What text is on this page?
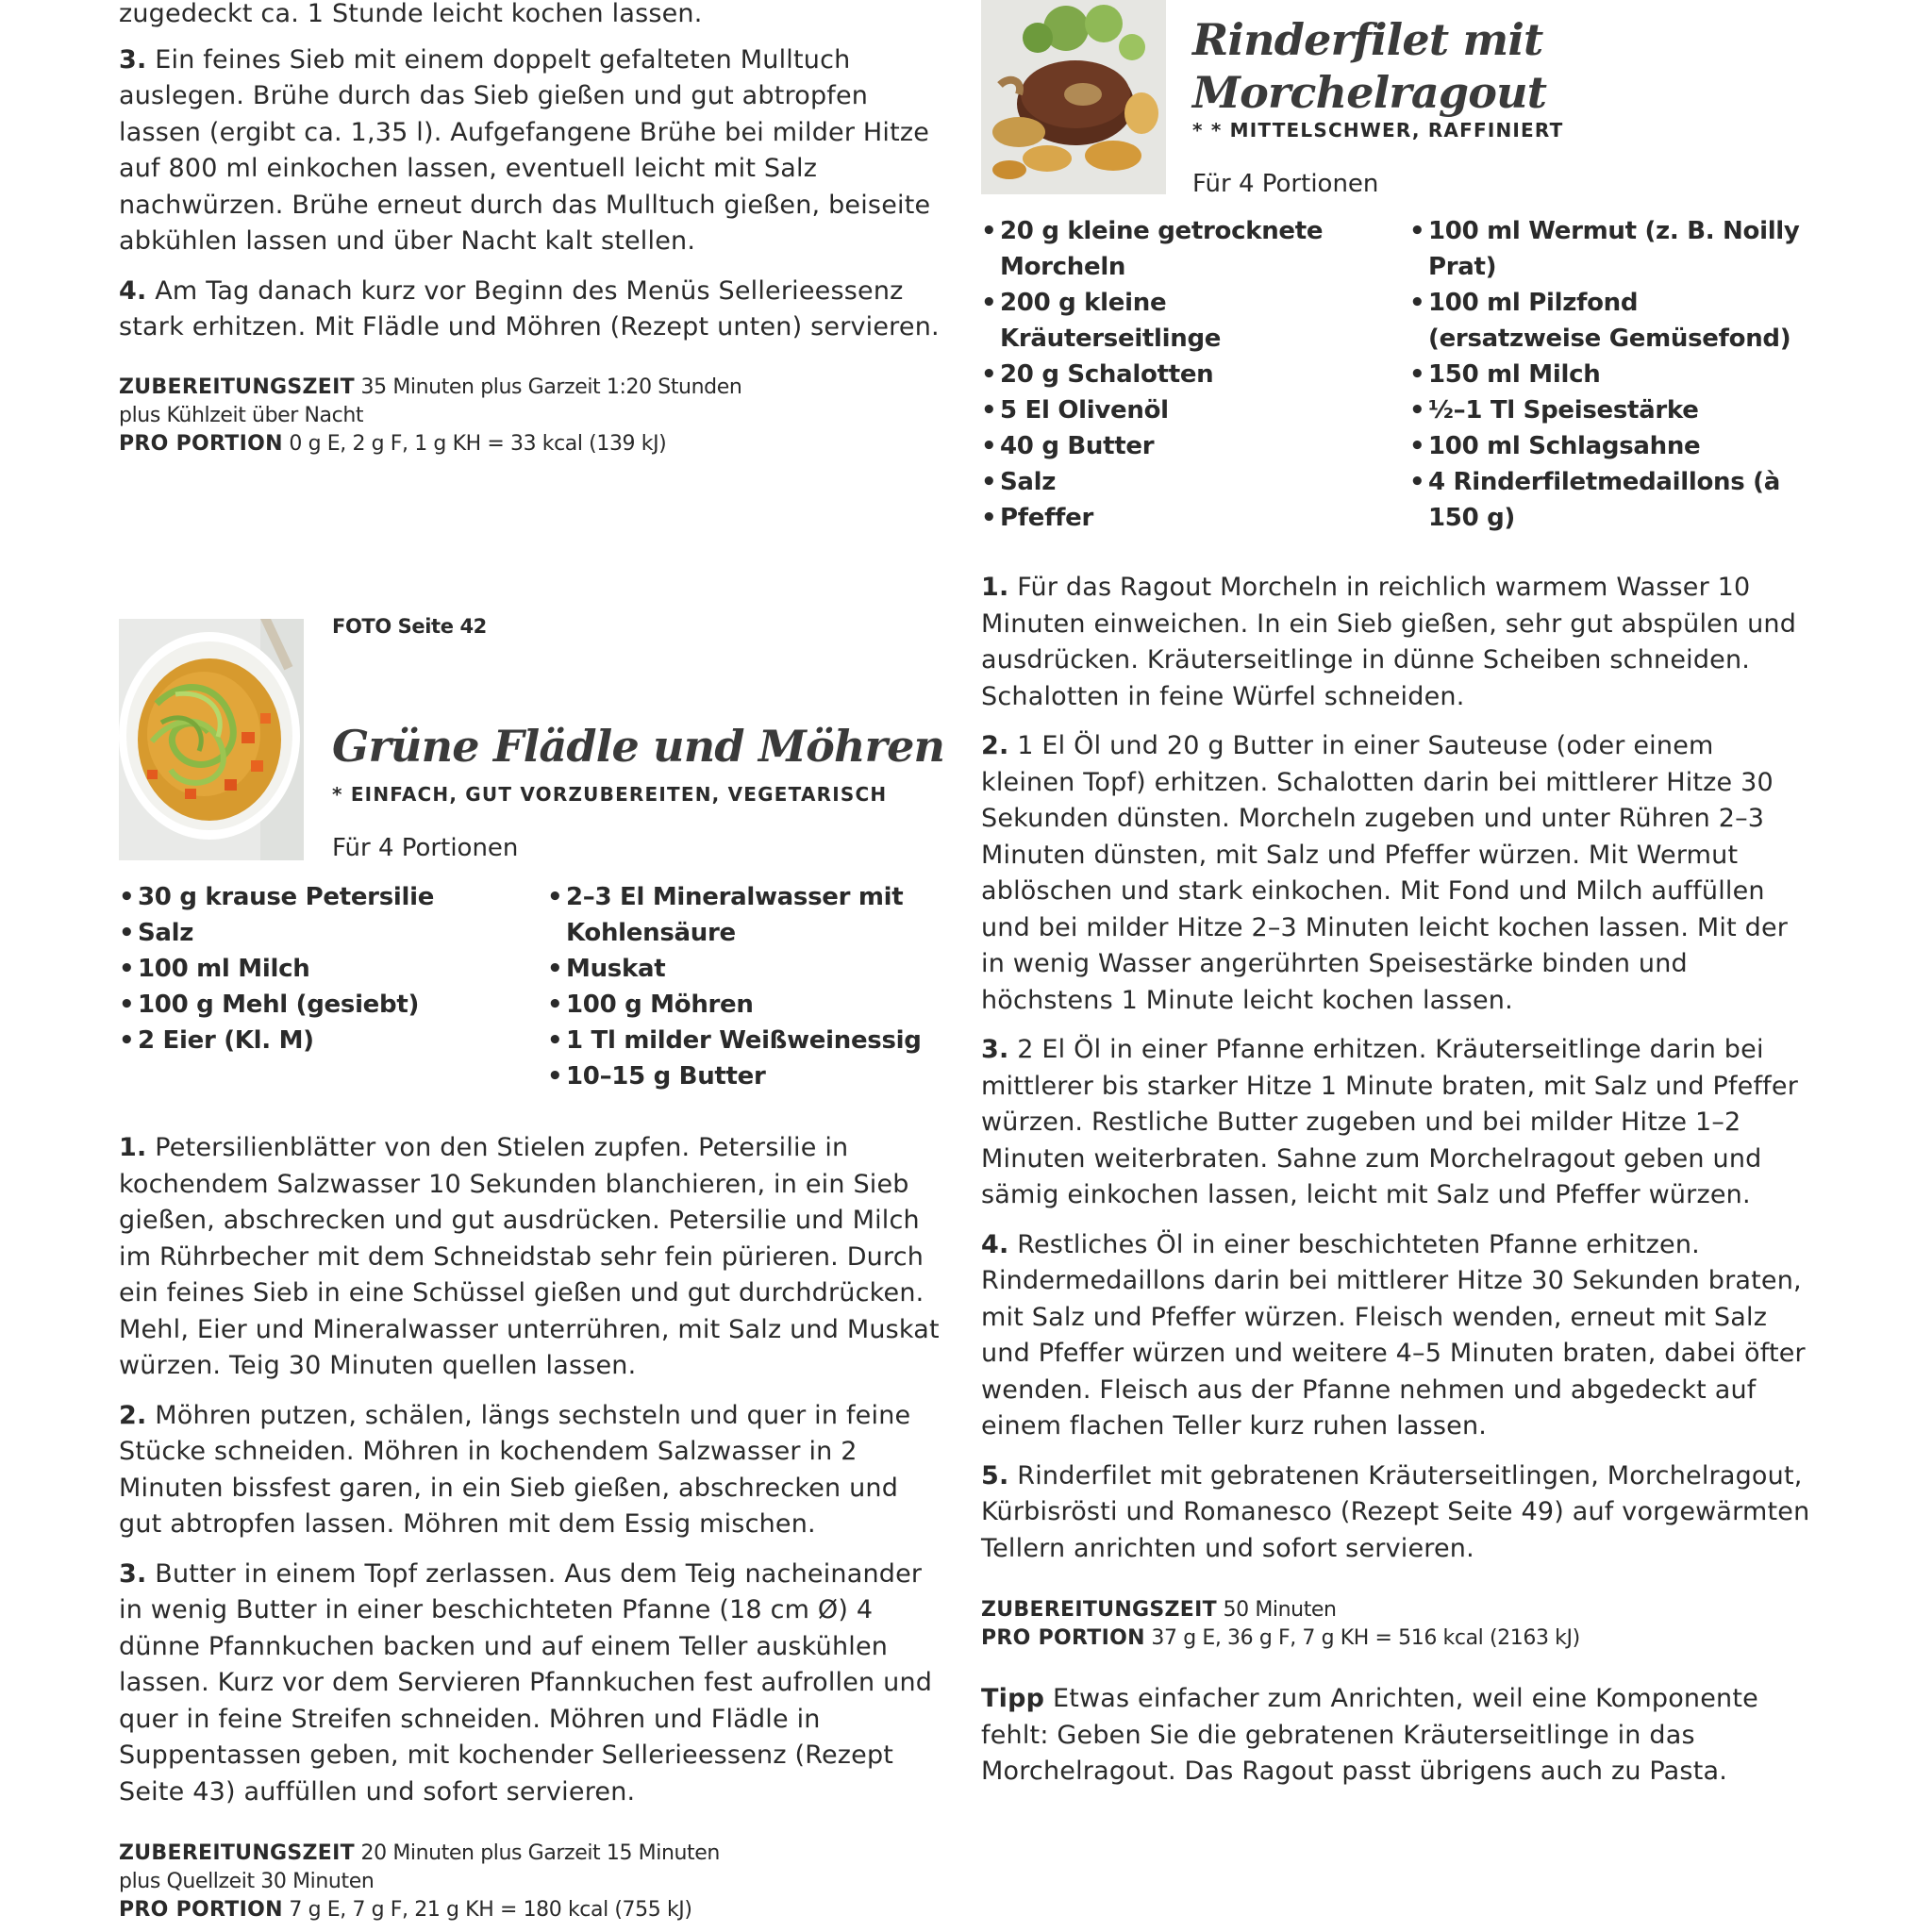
zugedeckt ca. 1 Stunde leicht kochen lassen.

3. Ein feines Sieb mit einem doppelt gefalteten Mulltuch auslegen. Brühe durch das Sieb gießen und gut abtropfen lassen (ergibt ca. 1,35 l). Aufgefangene Brühe bei milder Hitze auf 800 ml einkochen lassen, eventuell leicht mit Salz nachwürzen. Brühe erneut durch das Mulltuch gießen, beiseite abkühlen lassen und über Nacht kalt stellen.

4. Am Tag danach kurz vor Beginn des Menüs Sellerieessenz stark erhitzen. Mit Flädle und Möhren (Rezept unten) servieren.

ZUBEREITUNGSZEIT 35 Minuten plus Garzeit 1:20 Stunden
plus Kühlzeit über Nacht
PRO PORTION 0 g E, 2 g F, 1 g KH = 33 kcal (139 kJ)
FOTO Seite 42
Grüne Flädle und Möhren

* EINFACH, GUT VORZUBEREITEN, VEGETARISCH

Für 4 Portionen

• 30 g krause Petersilie
• Salz
• 100 ml Milch
• 100 g Mehl (gesiebt)
• 2 Eier (Kl. M)
• 2–3 El Mineralwasser mit Kohlensäure
• Muskat
• 100 g Möhren
• 1 Tl milder Weißweinessig
• 10–15 g Butter

1. Petersilienblätter von den Stielen zupfen. Petersilie in kochendem Salzwasser 10 Sekunden blanchieren, in ein Sieb gießen, abschrecken und gut ausdrücken. Petersilie und Milch im Rührbecher mit dem Schneidstab sehr fein pürieren. Durch ein feines Sieb in eine Schüssel gießen und gut durchdrücken. Mehl, Eier und Mineralwasser unterrühren, mit Salz und Muskat würzen. Teig 30 Minuten quellen lassen.

2. Möhren putzen, schälen, längs sechsteln und quer in feine Stücke schneiden. Möhren in kochendem Salzwasser in 2 Minuten bissfest garen, in ein Sieb gießen, abschrecken und gut abtropfen lassen. Möhren mit dem Essig mischen.

3. Butter in einem Topf zerlassen. Aus dem Teig nacheinander in wenig Butter in einer beschichteten Pfanne (18 cm Ø) 4 dünne Pfannkuchen backen und auf einem Teller auskühlen lassen. Kurz vor dem Servieren Pfannkuchen fest aufrollen und quer in feine Streifen schneiden. Möhren und Flädle in Suppentassen geben, mit kochender Sellerieessenz (Rezept Seite 43) auffüllen und sofort servieren.

ZUBEREITUNGSZEIT 20 Minuten plus Garzeit 15 Minuten
plus Quellzeit 30 Minuten
PRO PORTION 7 g E, 7 g F, 21 g KH = 180 kcal (755 kJ)
Rinderfilet mit
Morchelragout

* * MITTELSCHWER, RAFFINIERT

Für 4 Portionen

• 20 g kleine getrocknete Morcheln
• 200 g kleine Kräuterseitlinge
• 20 g Schalotten
• 5 El Olivenöl
• 40 g Butter
• Salz
• Pfeffer
• 100 ml Wermut (z. B. Noilly Prat)
• 100 ml Pilzfond (ersatzweise Gemüsefond)
• 150 ml Milch
• ½–1 Tl Speisestärke
• 100 ml Schlagsahne
• 4 Rinderfiletmedaillons (à 150 g)

1. Für das Ragout Morcheln in reichlich warmem Wasser 10 Minuten einweichen. In ein Sieb gießen, sehr gut abspülen und ausdrücken. Kräuterseitlinge in dünne Scheiben schneiden. Schalotten in feine Würfel schneiden.

2. 1 El Öl und 20 g Butter in einer Sauteuse (oder einem kleinen Topf) erhitzen. Schalotten darin bei mittlerer Hitze 30 Sekunden dünsten. Morcheln zugeben und unter Rühren 2–3 Minuten dünsten, mit Salz und Pfeffer würzen. Mit Wermut ablöschen und stark einkochen. Mit Fond und Milch auffüllen und bei milder Hitze 2–3 Minuten leicht kochen lassen. Mit der in wenig Wasser angerührten Speisestärke binden und höchstens 1 Minute leicht kochen lassen.

3. 2 El Öl in einer Pfanne erhitzen. Kräuterseitlinge darin bei mittlerer bis starker Hitze 1 Minute braten, mit Salz und Pfeffer würzen. Restliche Butter zugeben und bei milder Hitze 1–2 Minuten weiterbraten. Sahne zum Morchelragout geben und sämig einkochen lassen, leicht mit Salz und Pfeffer würzen.

4. Restliches Öl in einer beschichteten Pfanne erhitzen. Rindermedaillons darin bei mittlerer Hitze 30 Sekunden braten, mit Salz und Pfeffer würzen. Fleisch wenden, erneut mit Salz und Pfeffer würzen und weitere 4–5 Minuten braten, dabei öfter wenden. Fleisch aus der Pfanne nehmen und abgedeckt auf einem flachen Teller kurz ruhen lassen.

5. Rinderfilet mit gebratenen Kräuterseitlingen, Morchelragout, Kürbisrösti und Romanesco (Rezept Seite 49) auf vorgewärmten Tellern anrichten und sofort servieren.

ZUBEREITUNGSZEIT 50 Minuten
PRO PORTION 37 g E, 36 g F, 7 g KH = 516 kcal (2163 kJ)

Tipp Etwas einfacher zum Anrichten, weil eine Komponente fehlt: Geben Sie die gebratenen Kräuterseitlinge in das Morchelragout. Das Ragout passt übrigens auch zu Pasta.
